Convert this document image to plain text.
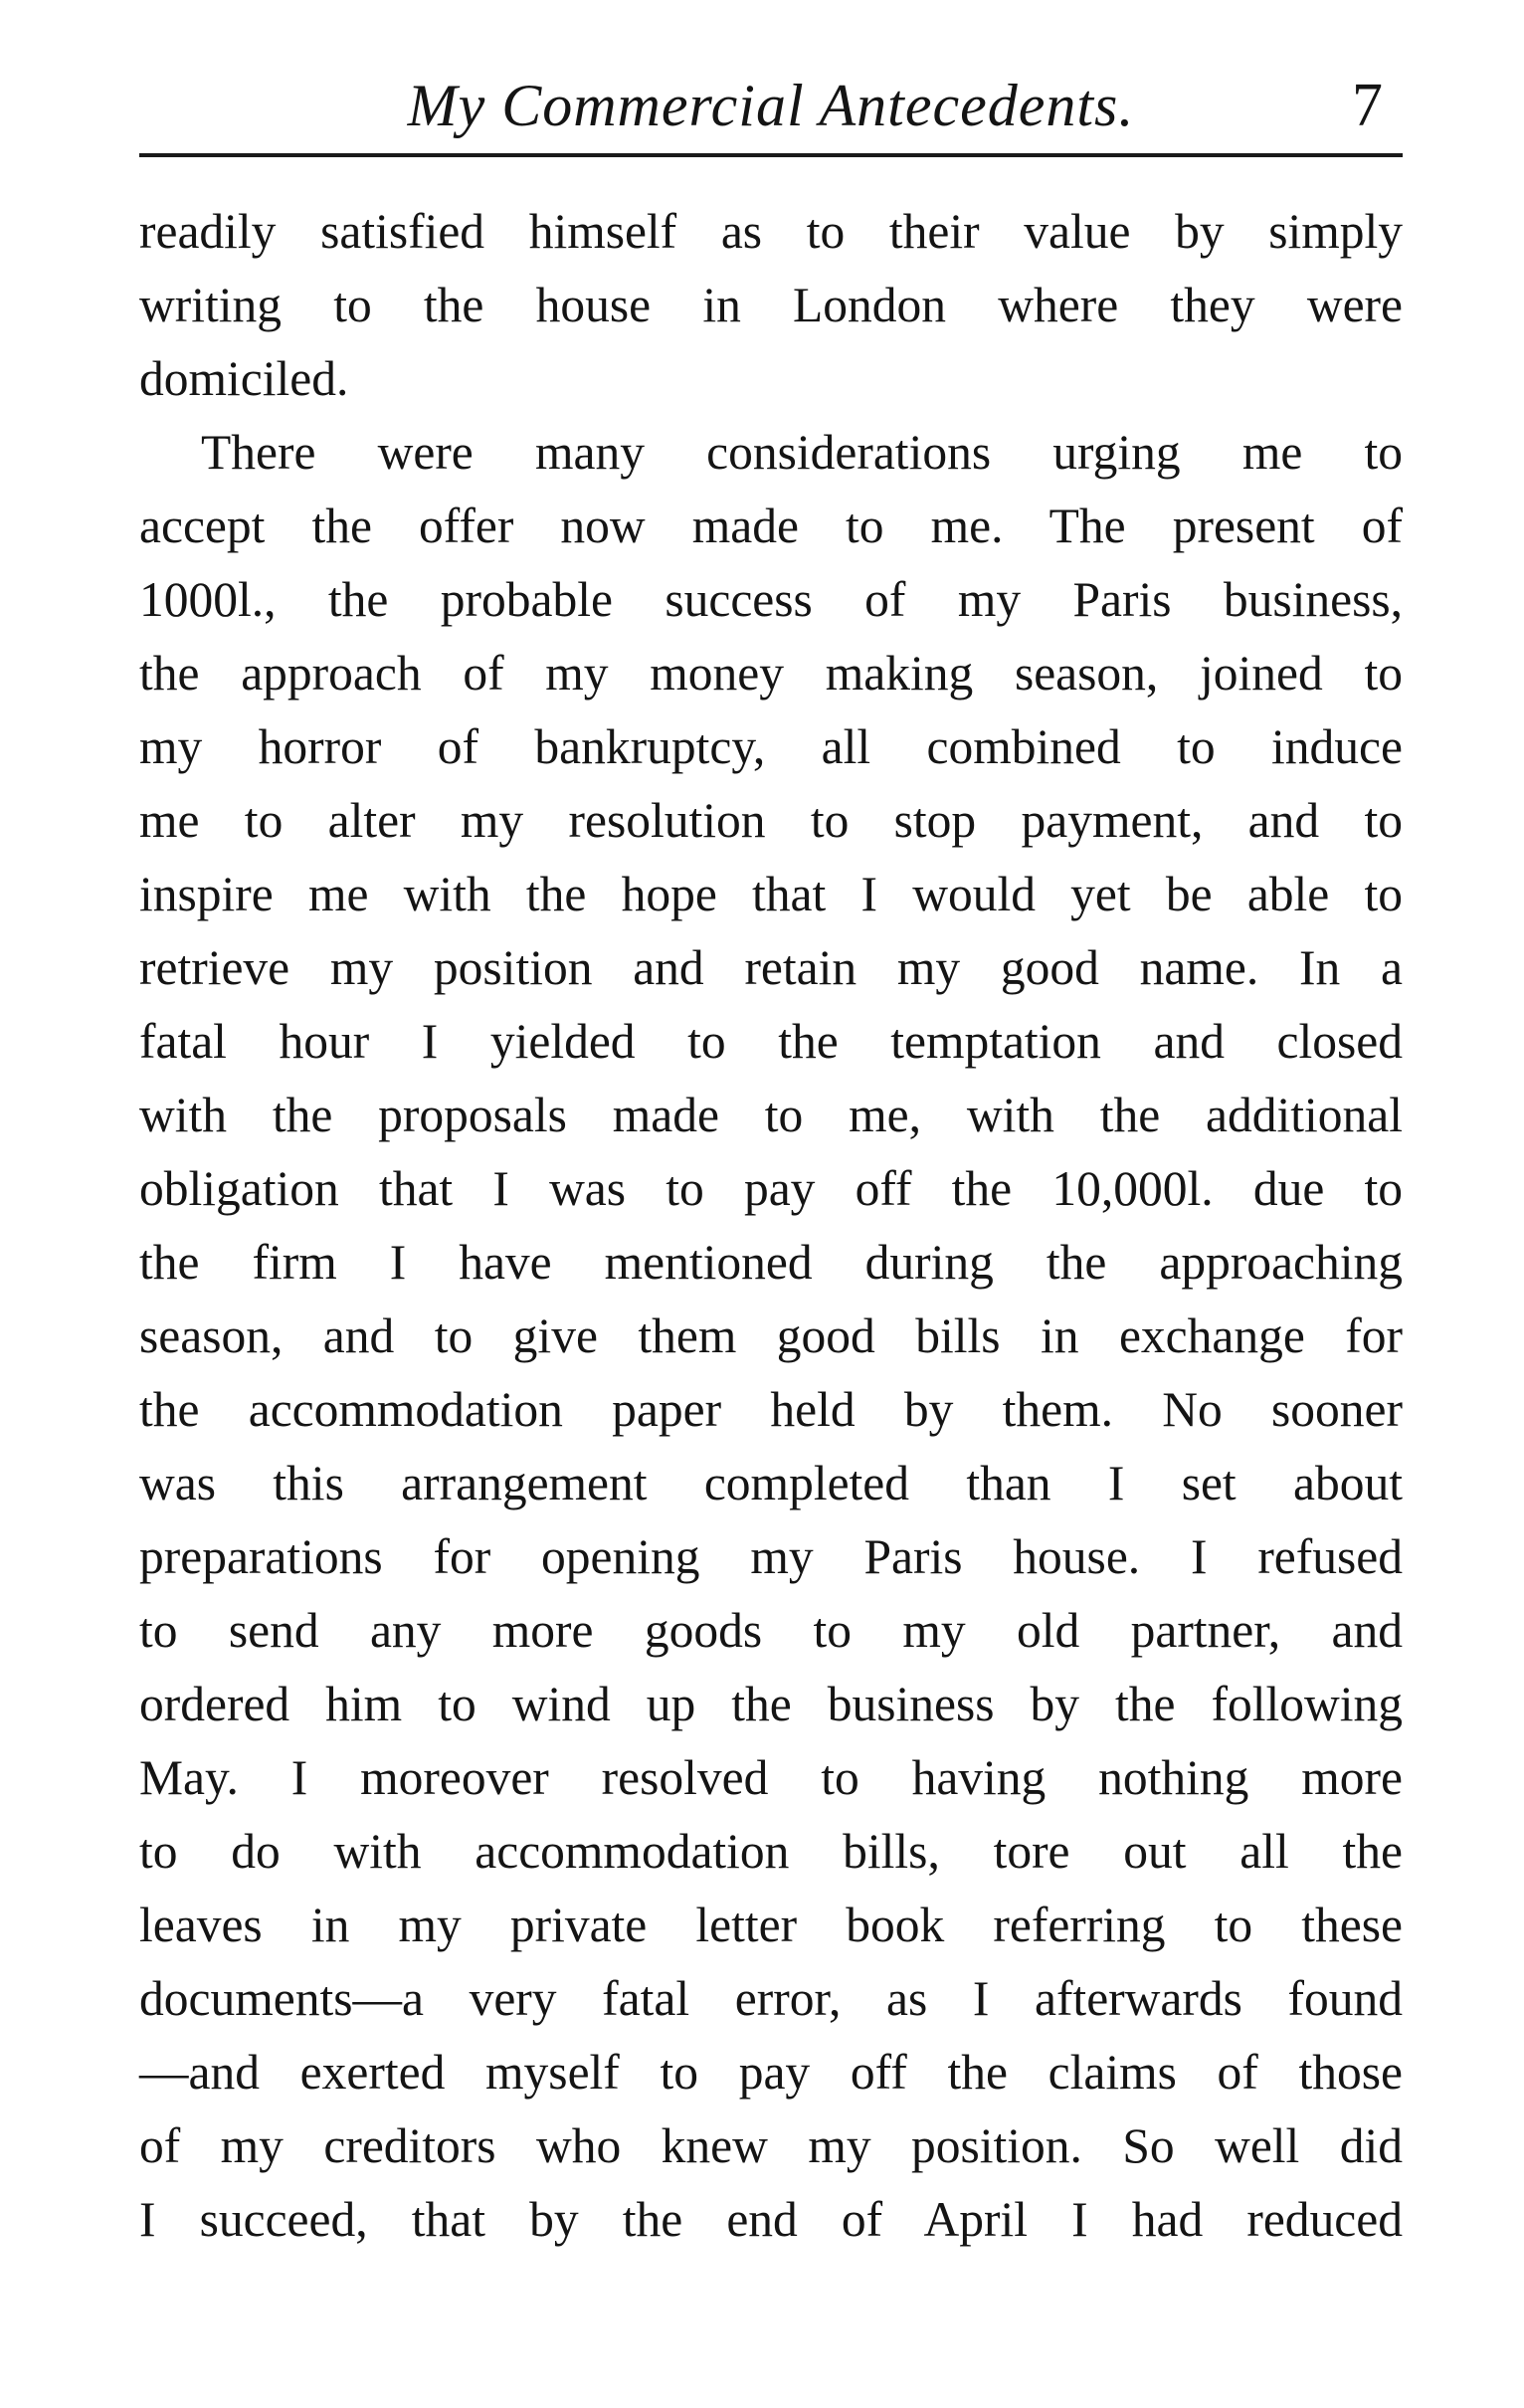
My Commercial Antecedents.	7
readily satisfied himself as to their value by simply
writing to the house in London where they were
domiciled.
There were many considerations urging me to
accept the offer now made to me. The present of
1000l., the probable success of my Paris business,
the approach of my money making season, joined to
my horror of bankruptcy, all combined to induce
me to alter my resolution to stop payment, and to
inspire me with the hope that I would yet be able to
retrieve my position and retain my good name. In a
fatal hour I yielded to the temptation and closed
with the proposals made to me, with the additional
obligation that I was to pay off the 10,000l. due to
the firm I have mentioned during the approaching
season, and to give them good bills in exchange for
the accommodation paper held by them. No sooner
was this arrangement completed than I set about
preparations for opening my Paris house. I refused
to send any more goods to my old partner, and
ordered him to wind up the business by the following
May. I moreover resolved to having nothing more
to do with accommodation bills, tore out all the
leaves in my private letter book referring to these
documents—a very fatal error, as I afterwards found
—and exerted myself to pay off the claims of those
of my creditors who knew my position. So well did
I succeed, that by the end of April I had reduced
